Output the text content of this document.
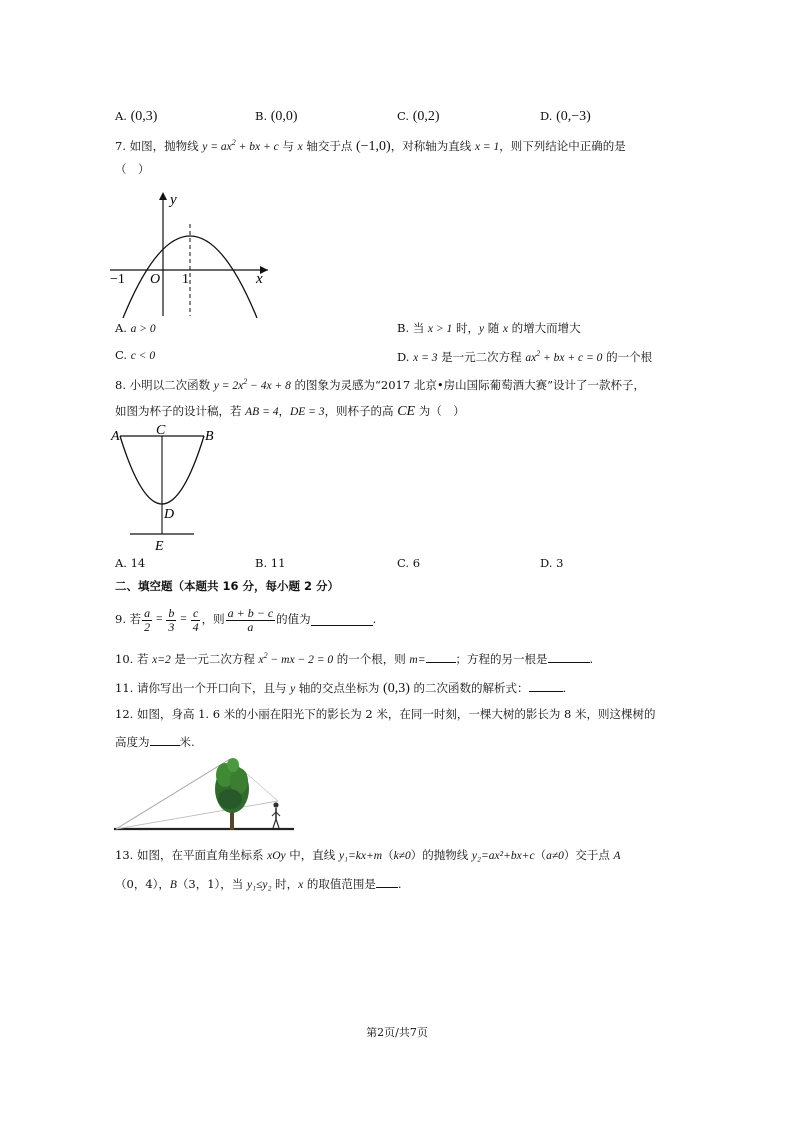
A. (0,3)	B. (0,0)	C. (0,2)	D. (0,−3)
7. 如图，抛物线 $y = ax^2$ + bx + c 与 x 轴交于点 (−1,0)，对称轴为直线 x = 1，则下列结论中正确的是
（　）
y
x
−1 O 1
A. a > 0	B. 当 x > 1 时，y 随 x 的增大而增大
C. c < 0	D. x = 3 是一元二次方程 $ax^2$ + bx + c = 0 的一个根
8. 小明以二次函数 $y = 2x^2 - 4x + 8$ 的图象为灵感为“2017 北京•房山国际葡萄酒大赛”设计了一款杯子，
如图为杯子的设计稿，若 AB = 4，DE = 3，则杯子的高 CE 为（　）
A	C	B
D
E
A. 14	B. 11	C. 6	D. 3
二、填空题（本题共 16 分，每小题 2 分）
9. 若 $\frac{a}{2} = \frac{b}{3} = \frac{c}{4}$ ，则 $\frac{a + b - c}{a}$ 的值为	.
10. 若 x=2 是一元二次方程 $x^2$ − mx − 2 = 0 的一个根，则 m=	；方程的另一根是	.
11. 请你写出一个开口向下，且与 y 轴的交点坐标为 (0,3) 的二次函数的解析式：	.
12. 如图，身高 1. 6 米的小丽在阳光下的影长为 2 米，在同一时刻，一棵大树的影长为 8 米，则这棵树的
高度为	米.
13. 如图，在平面直角坐标系 xOy 中，直线 y₁=kx+m（k≠0）的抛物线 y₂=ax²+bx+c（a≠0）交于点 A
（0，4），B（3，1），当 y₁≤y₂ 时，x 的取值范围是 .
第2页/共7页
